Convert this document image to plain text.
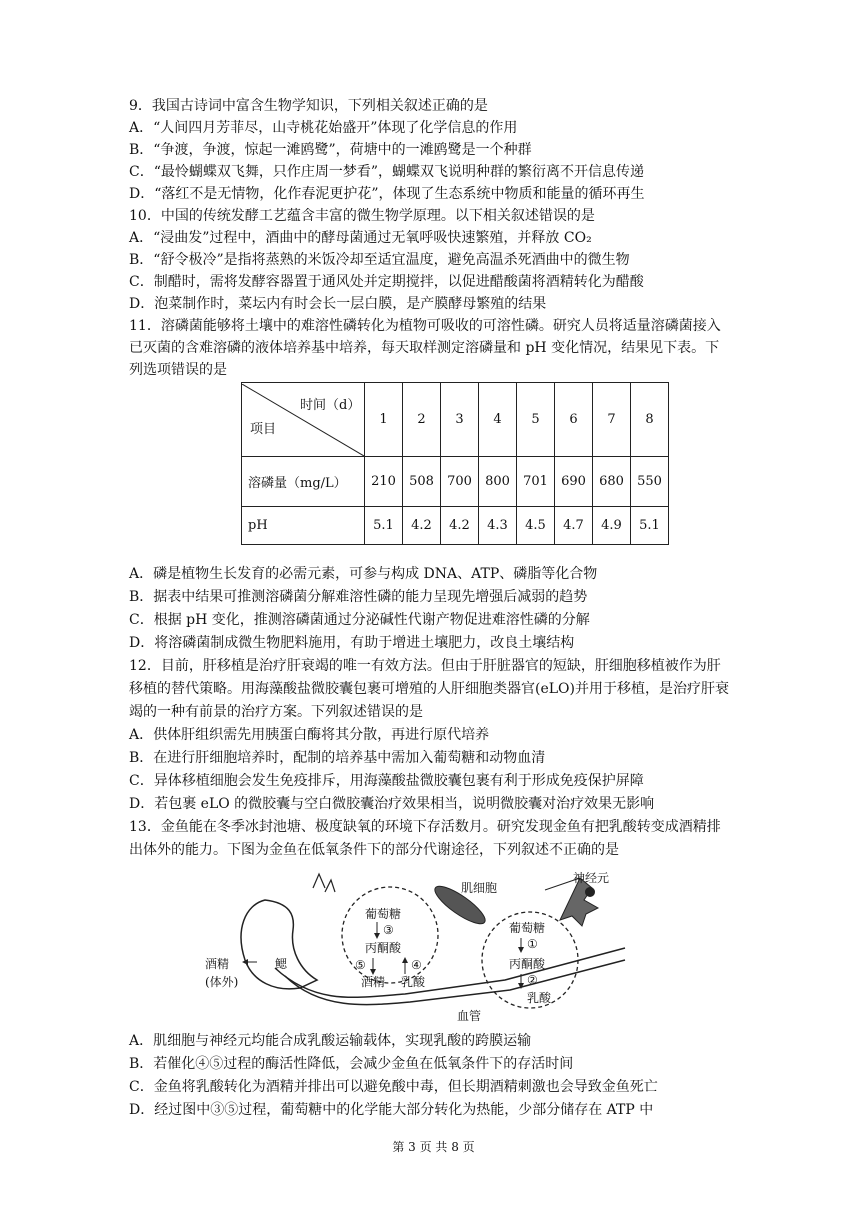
9．我国古诗词中富含生物学知识，下列相关叙述正确的是
A．“人间四月芳菲尽，山寺桃花始盛开”体现了化学信息的作用
B．“争渡，争渡，惊起一滩鸥鹭”，荷塘中的一滩鸥鹭是一个种群
C．“最怜蝴蝶双飞舞，只作庄周一梦看”，蝴蝶双飞说明种群的繁衍离不开信息传递
D．“落红不是无情物，化作春泥更护花”，体现了生态系统中物质和能量的循环再生
10．中国的传统发酵工艺蕴含丰富的微生物学原理。以下相关叙述错误的是
A．“浸曲发”过程中，酒曲中的酵母菌通过无氧呼吸快速繁殖，并释放 CO₂
B．“舒令极冷”是指将蒸熟的米饭冷却至适宜温度，避免高温杀死酒曲中的微生物
C．制醋时，需将发酵容器置于通风处并定期搅拌，以促进醋酸菌将酒精转化为醋酸
D．泡菜制作时，菜坛内有时会长一层白膜，是产膜酵母繁殖的结果
11．溶磷菌能够将土壤中的难溶性磷转化为植物可吸收的可溶性磷。研究人员将适量溶磷菌接入
已灭菌的含难溶磷的液体培养基中培养，每天取样测定溶磷量和 pH 变化情况，结果见下表。下
列选项错误的是
时间（d）
项目	1	2	3	4	5	6	7	8
溶磷量（mg/L）	210	508	700	800	701	690	680	550
pH	5.1	4.2	4.2	4.3	4.5	4.7	4.9	5.1
A．磷是植物生长发育的必需元素，可参与构成 DNA、ATP、磷脂等化合物
B．据表中结果可推测溶磷菌分解难溶性磷的能力呈现先增强后减弱的趋势
C．根据 pH 变化，推测溶磷菌通过分泌碱性代谢产物促进难溶性磷的分解
D．将溶磷菌制成微生物肥料施用，有助于增进土壤肥力，改良土壤结构
12．目前，肝移植是治疗肝衰竭的唯一有效方法。但由于肝脏器官的短缺，肝细胞移植被作为肝
移植的替代策略。用海藻酸盐微胶囊包裹可增殖的人肝细胞类器官(eLO)并用于移植，是治疗肝衰
竭的一种有前景的治疗方案。下列叙述错误的是
A．供体肝组织需先用胰蛋白酶将其分散，再进行原代培养
B．在进行肝细胞培养时，配制的培养基中需加入葡萄糖和动物血清
C．异体移植细胞会发生免疫排斥，用海藻酸盐微胶囊包裹有利于形成免疫保护屏障
D．若包裹 eLO 的微胶囊与空白微胶囊治疗效果相当，说明微胶囊对治疗效果无影响
13．金鱼能在冬季冰封池塘、极度缺氧的环境下存活数月。研究发现金鱼有把乳酸转变成酒精排
出体外的能力。下图为金鱼在低氧条件下的部分代谢途径，下列叙述不正确的是
葡萄糖
③
丙酮酸
⑤	④
酒精 乳酸
肌细胞
神经元
鳃
酒精
(体外)
血管
葡萄糖
①
丙酮酸
②
乳酸
A．肌细胞与神经元均能合成乳酸运输载体，实现乳酸的跨膜运输
B．若催化④⑤过程的酶活性降低，会减少金鱼在低氧条件下的存活时间
C．金鱼将乳酸转化为酒精并排出可以避免酸中毒，但长期酒精刺激也会导致金鱼死亡
D．经过图中③⑤过程，葡萄糖中的化学能大部分转化为热能，少部分储存在 ATP 中
第 3 页 共 8 页
